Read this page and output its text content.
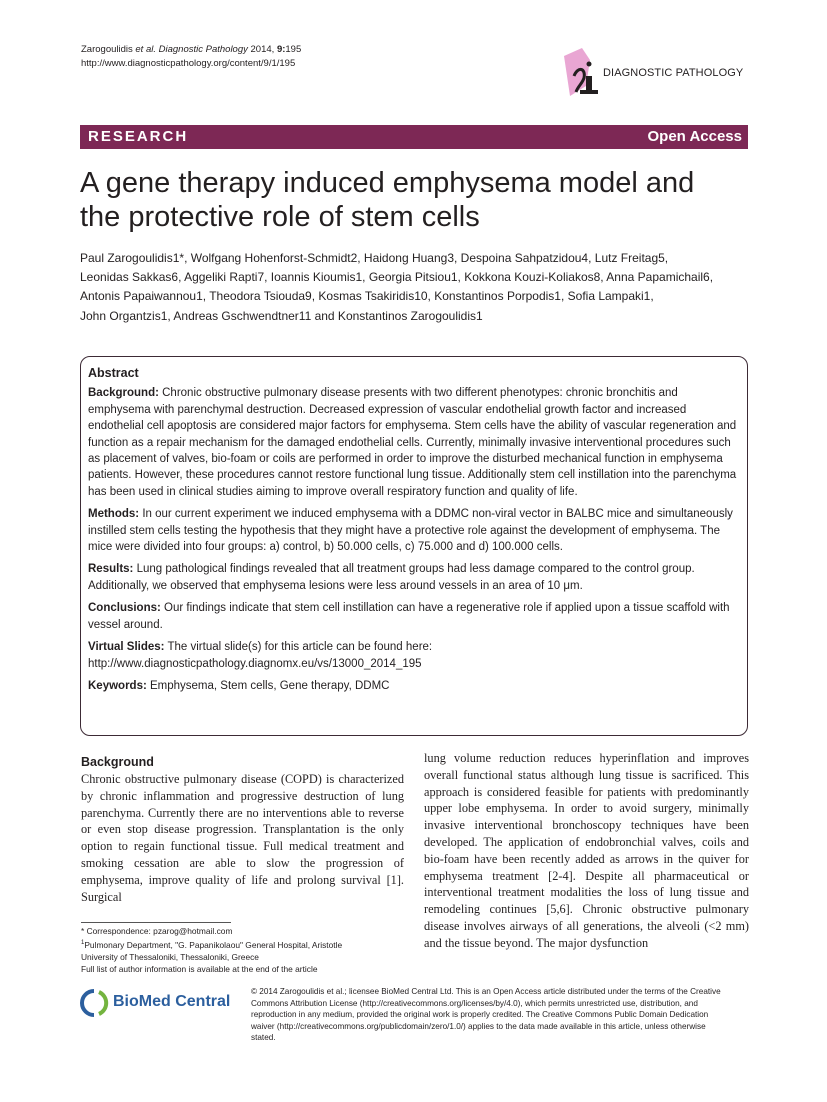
Zarogoulidis et al. Diagnostic Pathology 2014, 9:195
http://www.diagnosticpathology.org/content/9/1/195
DIAGNOSTIC PATHOLOGY
RESEARCH	Open Access
A gene therapy induced emphysema model and
the protective role of stem cells
Paul Zarogoulidis1*, Wolfgang Hohenforst-Schmidt2, Haidong Huang3, Despoina Sahpatzidou4, Lutz Freitag5,
Leonidas Sakkas6, Aggeliki Rapti7, Ioannis Kioumis1, Georgia Pitsiou1, Kokkona Kouzi-Koliakos8, Anna Papamichail6,
Antonis Papaiwannou1, Theodora Tsiouda9, Kosmas Tsakiridis10, Konstantinos Porpodis1, Sofia Lampaki1,
John Organtzis1, Andreas Gschwendtner11 and Konstantinos Zarogoulidis1
Abstract

Background: Chronic obstructive pulmonary disease presents with two different phenotypes: chronic bronchitis and emphysema with parenchymal destruction. Decreased expression of vascular endothelial growth factor and increased endothelial cell apoptosis are considered major factors for emphysema. Stem cells have the ability of vascular regeneration and function as a repair mechanism for the damaged endothelial cells. Currently, minimally invasive interventional procedures such as placement of valves, bio-foam or coils are performed in order to improve the disturbed mechanical function in emphysema patients. However, these procedures cannot restore functional lung tissue. Additionally stem cell instillation into the parenchyma has been used in clinical studies aiming to improve overall respiratory function and quality of life.

Methods: In our current experiment we induced emphysema with a DDMC non-viral vector in BALBC mice and simultaneously instilled stem cells testing the hypothesis that they might have a protective role against the development of emphysema. The mice were divided into four groups: a) control, b) 50.000 cells, c) 75.000 and d) 100.000 cells.

Results: Lung pathological findings revealed that all treatment groups had less damage compared to the control group. Additionally, we observed that emphysema lesions were less around vessels in an area of 10 μm.

Conclusions: Our findings indicate that stem cell instillation can have a regenerative role if applied upon a tissue scaffold with vessel around.

Virtual Slides: The virtual slide(s) for this article can be found here: http://www.diagnosticpathology.diagnomx.eu/vs/13000_2014_195

Keywords: Emphysema, Stem cells, Gene therapy, DDMC

Background

Chronic obstructive pulmonary disease (COPD) is characterized by chronic inflammation and progressive destruction of lung parenchyma. Currently there are no interventions able to reverse or even stop disease progression. Transplantation is the only option to regain functional tissue. Full medical treatment and smoking cessation are able to slow the progression of emphysema, improve quality of life and prolong survival [1]. Surgical

lung volume reduction reduces hyperinflation and improves overall functional status although lung tissue is sacrificed. This approach is considered feasible for patients with predominantly upper lobe emphysema. In order to avoid surgery, minimally invasive interventional bronchoscopy techniques have been developed. The application of endobronchial valves, coils and bio-foam have been recently added as arrows in the quiver for emphysema treatment [2-4]. Despite all pharmaceutical or interventional treatment modalities the loss of lung tissue and remodeling continues [5,6]. Chronic obstructive pulmonary disease involves airways of all generations, the alveoli (<2 mm) and the tissue beyond. The major dysfunction

* Correspondence: pzarog@hotmail.com
$^1$Pulmonary Department, "G. Papanikolaou" General Hospital, Aristotle
University of Thessaloniki, Thessaloniki, Greece
Full list of author information is available at the end of the article
BioMed Central
© 2014 Zarogoulidis et al.; licensee BioMed Central Ltd. This is an Open Access article distributed under the terms of the Creative Commons Attribution License (http://creativecommons.org/licenses/by/4.0), which permits unrestricted use, distribution, and reproduction in any medium, provided the original work is properly credited. The Creative Commons Public Domain Dedication waiver (http://creativecommons.org/publicdomain/zero/1.0/) applies to the data made available in this article, unless otherwise stated.
